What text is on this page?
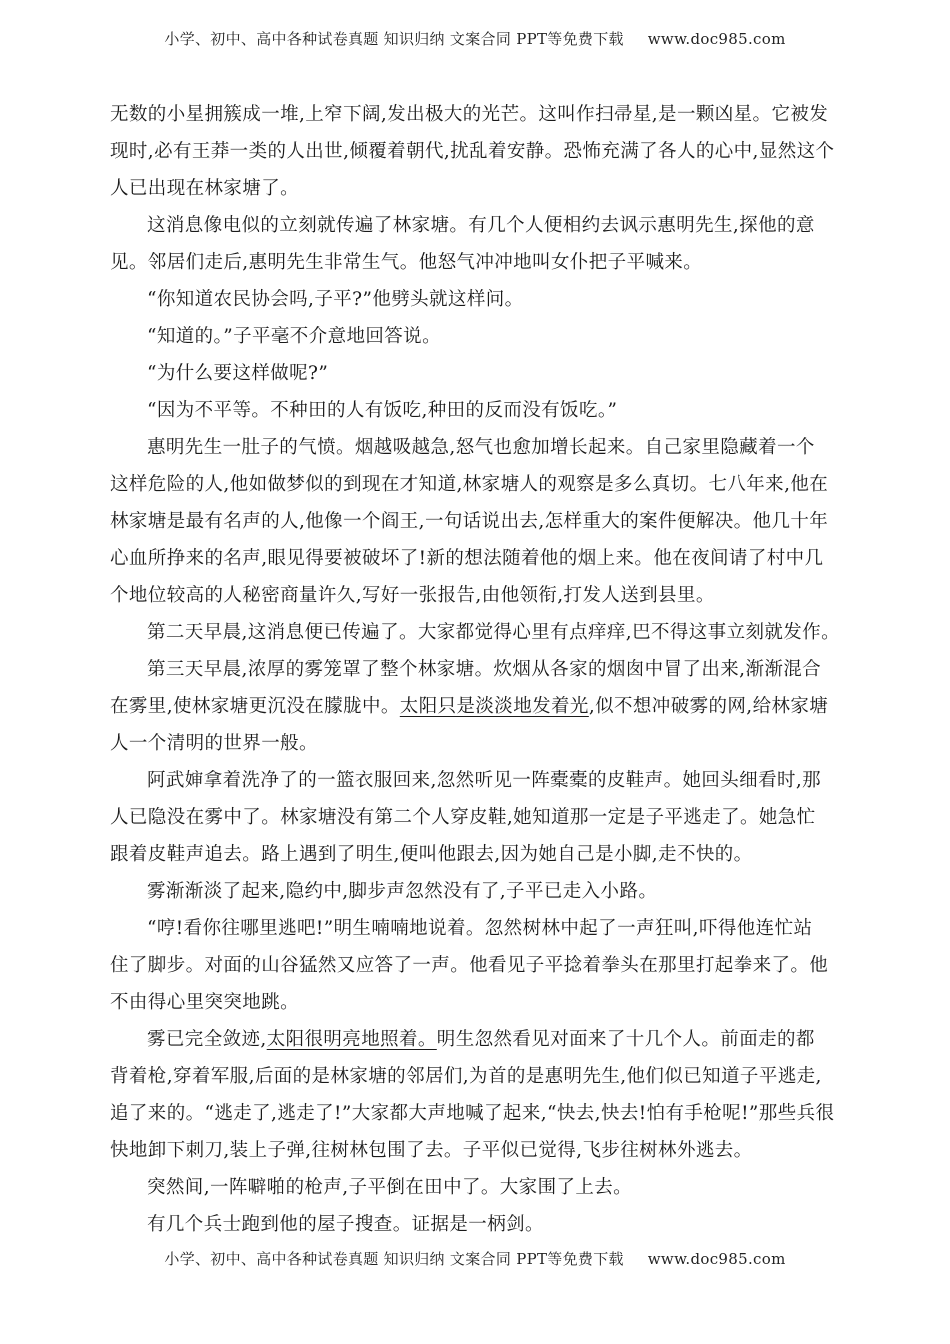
小学、初中、高中各种试卷真题 知识归纳 文案合同 PPT等免费下载 www.doc985.com
无数的小星拥簇成一堆,上窄下阔,发出极大的光芒。这叫作扫帚星,是一颗凶星。它被发
现时,必有王莽一类的人出世,倾覆着朝代,扰乱着安静。恐怖充满了各人的心中,显然这个
人已出现在林家塘了。
这消息像电似的立刻就传遍了林家塘。有几个人便相约去讽示惠明先生,探他的意
见。邻居们走后,惠明先生非常生气。他怒气冲冲地叫女仆把子平喊来。
“你知道农民协会吗,子平?”他劈头就这样问。
“知道的。”子平毫不介意地回答说。
“为什么要这样做呢?”
“因为不平等。不种田的人有饭吃,种田的反而没有饭吃。”
惠明先生一肚子的气愤。烟越吸越急,怒气也愈加增长起来。自己家里隐藏着一个
这样危险的人,他如做梦似的到现在才知道,林家塘人的观察是多么真切。七八年来,他在
林家塘是最有名声的人,他像一个阎王,一句话说出去,怎样重大的案件便解决。他几十年
心血所挣来的名声,眼见得要被破坏了!新的想法随着他的烟上来。他在夜间请了村中几
个地位较高的人秘密商量许久,写好一张报告,由他领衔,打发人送到县里。
第二天早晨,这消息便已传遍了。大家都觉得心里有点痒痒,巴不得这事立刻就发作。
第三天早晨,浓厚的雾笼罩了整个林家塘。炊烟从各家的烟囱中冒了出来,渐渐混合
在雾里,使林家塘更沉没在朦胧中。太阳只是淡淡地发着光,似不想冲破雾的网,给林家塘
人一个清明的世界一般。
阿武婶拿着洗净了的一篮衣服回来,忽然听见一阵橐橐的皮鞋声。她回头细看时,那
人已隐没在雾中了。林家塘没有第二个人穿皮鞋,她知道那一定是子平逃走了。她急忙
跟着皮鞋声追去。路上遇到了明生,便叫他跟去,因为她自己是小脚,走不快的。
雾渐渐淡了起来,隐约中,脚步声忽然没有了,子平已走入小路。
“哼!看你往哪里逃吧!”明生喃喃地说着。忽然树林中起了一声狂叫,吓得他连忙站
住了脚步。对面的山谷猛然又应答了一声。他看见子平捻着拳头在那里打起拳来了。他
不由得心里突突地跳。
雾已完全敛迹,太阳很明亮地照着。明生忽然看见对面来了十几个人。前面走的都
背着枪,穿着军服,后面的是林家塘的邻居们,为首的是惠明先生,他们似已知道子平逃走,
追了来的。“逃走了,逃走了!”大家都大声地喊了起来,“快去,快去!怕有手枪呢!”那些兵很
快地卸下刺刀,装上子弹,往树林包围了去。子平似已觉得,飞步往树林外逃去。
突然间,一阵噼啪的枪声,子平倒在田中了。大家围了上去。
有几个兵士跑到他的屋子搜查。证据是一柄剑。
小学、初中、高中各种试卷真题 知识归纳 文案合同 PPT等免费下载 www.doc985.com
